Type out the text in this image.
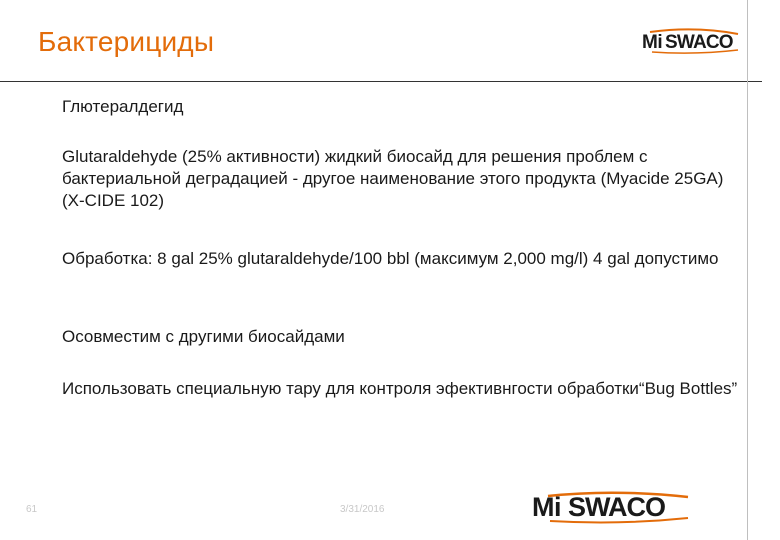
Бактерициды	Mi SWACO
Глютералдегид
Glutaraldehyde (25% активности) жидкий биосайд для решения проблем с бактериальной деградацией - другое наименование этого продукта (Myacide 25GA) (X-CIDE 102)
Обработка: 8 gal 25% glutaraldehyde/100 bbl (максимум 2,000 mg/l) 4 gal допустимо
Осовместим с другими биосайдами
Использовать специальную тару для контроля эфективнгости обработки“Bug Bottles”
61	3/31/2016	Mi SWACO
